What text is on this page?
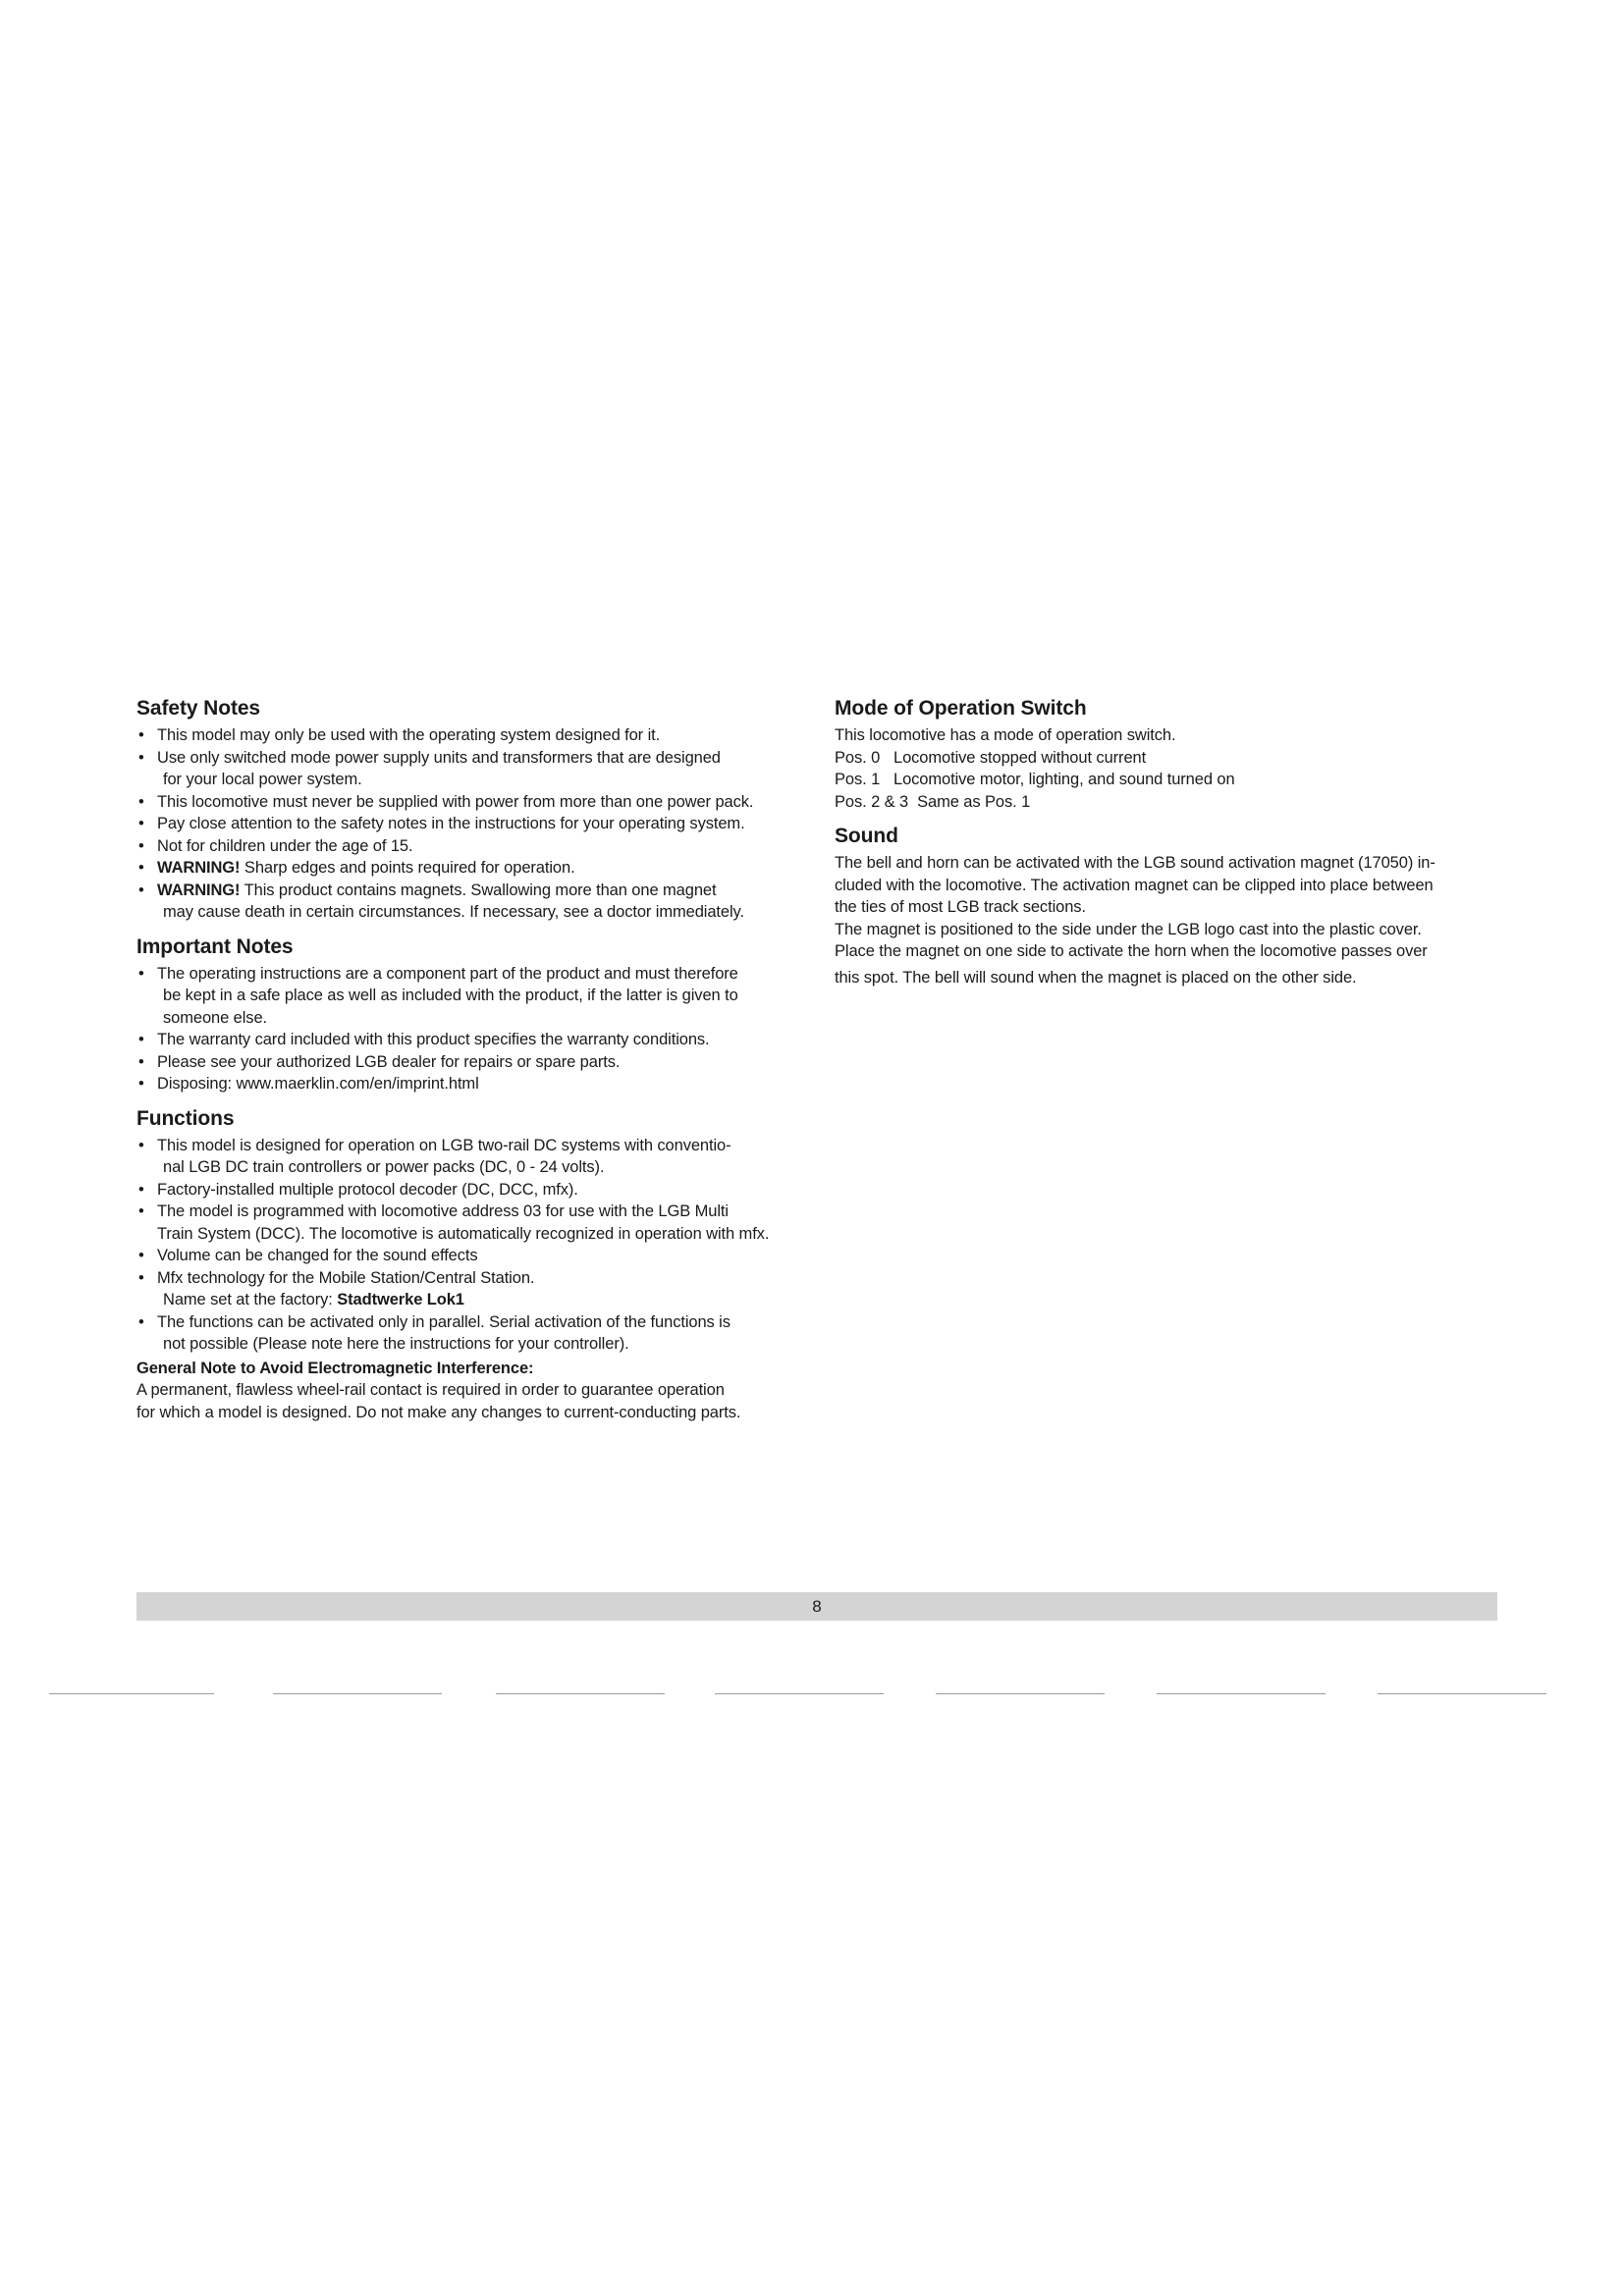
Safety Notes
• This model may only be used with the operating system designed for it.
• Use only switched mode power supply units and transformers that are designed
for your local power system.
• This locomotive must never be supplied with power from more than one power pack.
• Pay close attention to the safety notes in the instructions for your operating system.
• Not for children under the age of 15.
• WARNING! Sharp edges and points required for operation.
• WARNING! This product contains magnets. Swallowing more than one magnet
may cause death in certain circumstances. If necessary, see a doctor immediately.
Important Notes
• The operating instructions are a component part of the product and must therefore
be kept in a safe place as well as included with the product, if the latter is given to
someone else.
• The warranty card included with this product specifies the warranty conditions.
• Please see your authorized LGB dealer for repairs or spare parts.
• Disposing: www.maerklin.com/en/imprint.html
Functions
• This model is designed for operation on LGB two-rail DC systems with conventio-
nal LGB DC train controllers or power packs (DC, 0 - 24 volts).
• Factory-installed multiple protocol decoder (DC, DCC, mfx).
• The model is programmed with locomotive address 03 for use with the LGB Multi
Train System (DCC). The locomotive is automatically recognized in operation with mfx.
• Volume can be changed for the sound effects
• Mfx technology for the Mobile Station/Central Station.
Name set at the factory: Stadtwerke Lok1
• The functions can be activated only in parallel. Serial activation of the functions is
not possible (Please note here the instructions for your controller).

General Note to Avoid Electromagnetic Interference:

A permanent, flawless wheel-rail contact is required in order to guarantee operation
for which a model is designed. Do not make any changes to current-conducting parts.

Mode of Operation Switch
This locomotive has a mode of operation switch.
Pos. 0 Locomotive stopped without current
Pos. 1 Locomotive motor, lighting, and sound turned on
Pos. 2 & 3 Same as Pos. 1
Sound
The bell and horn can be activated with the LGB sound activation magnet (17050) in-
cluded with the locomotive. The activation magnet can be clipped into place between
the ties of most LGB track sections.
The magnet is positioned to the side under the LGB logo cast into the plastic cover.
Place the magnet on one side to activate the horn when the locomotive passes over
this spot. The bell will sound when the magnet is placed on the other side.
8
